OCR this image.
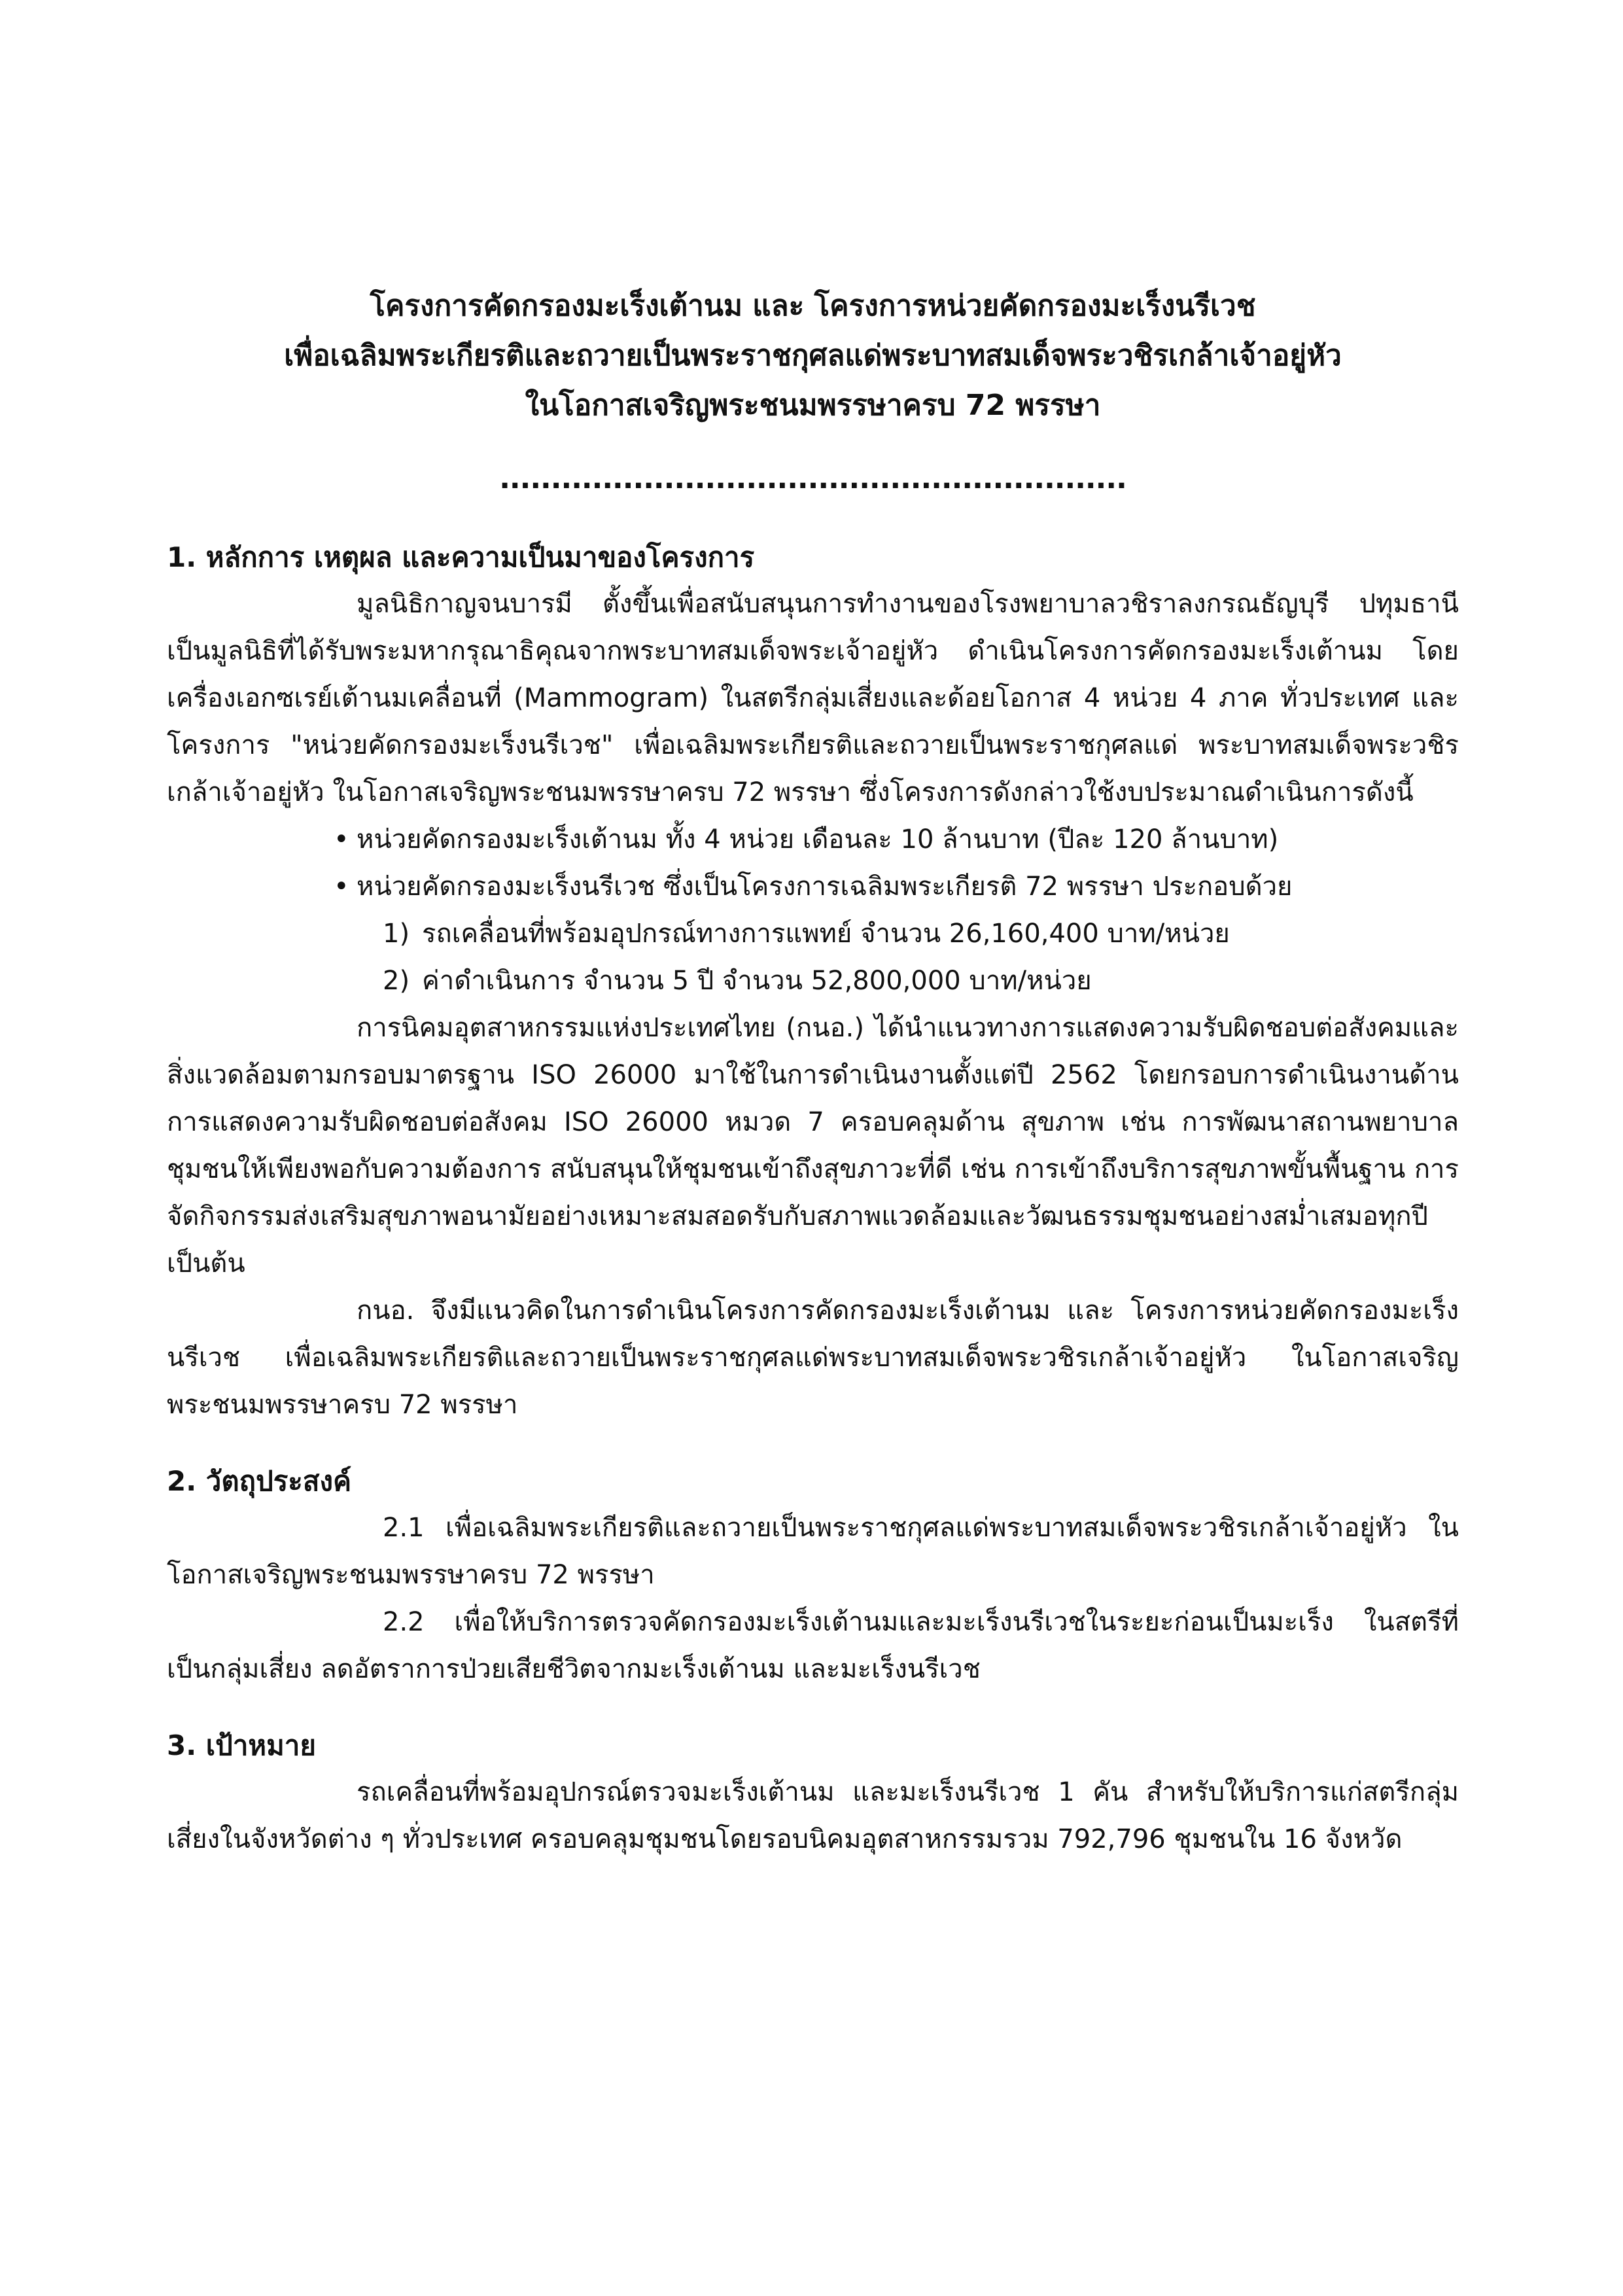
โครงการคัดกรองมะเร็งเต้านม และ โครงการหน่วยคัดกรองมะเร็งนรีเวช
เพื่อเฉลิมพระเกียรติและถวายเป็นพระราชกุศลแด่พระบาทสมเด็จพระวชิรเกล้าเจ้าอยู่หัว
ในโอกาสเจริญพระชนมพรรษาครบ 72 พรรษา
.............................................................
1. หลักการ เหตุผล และความเป็นมาของโครงการ

มูลนิธิกาญจนบารมี ตั้งขึ้นเพื่อสนับสนุนการทำงานของโรงพยาบาลวชิราลงกรณธัญบุรี ปทุมธานี เป็นมูลนิธิที่ได้รับพระมหากรุณาธิคุณจากพระบาทสมเด็จพระเจ้าอยู่หัว ดำเนินโครงการคัดกรองมะเร็งเต้านม โดยเครื่องเอกซเรย์เต้านมเคลื่อนที่ (Mammogram) ในสตรีกลุ่มเสี่ยงและด้อยโอกาส 4 หน่วย 4 ภาค ทั่วประเทศ และโครงการ "หน่วยคัดกรองมะเร็งนรีเวช" เพื่อเฉลิมพระเกียรติและถวายเป็นพระราชกุศลแด่ พระบาทสมเด็จพระวชิรเกล้าเจ้าอยู่หัว ในโอกาสเจริญพระชนมพรรษาครบ 72 พรรษา ซึ่งโครงการดังกล่าวใช้งบประมาณดำเนินการดังนี้

• หน่วยคัดกรองมะเร็งเต้านม ทั้ง 4 หน่วย เดือนละ 10 ล้านบาท (ปีละ 120 ล้านบาท)
• หน่วยคัดกรองมะเร็งนรีเวช ซึ่งเป็นโครงการเฉลิมพระเกียรติ 72 พรรษา ประกอบด้วย
1) รถเคลื่อนที่พร้อมอุปกรณ์ทางการแพทย์ จำนวน 26,160,400 บาท/หน่วย
2) ค่าดำเนินการ จำนวน 5 ปี จำนวน 52,800,000 บาท/หน่วย

การนิคมอุตสาหกรรมแห่งประเทศไทย (กนอ.) ได้นำแนวทางการแสดงความรับผิดชอบต่อสังคมและสิ่งแวดล้อมตามกรอบมาตรฐาน ISO 26000 มาใช้ในการดำเนินงานตั้งแต่ปี 2562 โดยกรอบการดำเนินงานด้านการแสดงความรับผิดชอบต่อสังคม ISO 26000 หมวด 7 ครอบคลุมด้าน สุขภาพ เช่น การพัฒนาสถานพยาบาลชุมชนให้เพียงพอกับความต้องการ สนับสนุนให้ชุมชนเข้าถึงสุขภาวะที่ดี เช่น การเข้าถึงบริการสุขภาพขั้นพื้นฐาน การจัดกิจกรรมส่งเสริมสุขภาพอนามัยอย่างเหมาะสมสอดรับกับสภาพแวดล้อมและวัฒนธรรมชุมชนอย่างสม่ำเสมอทุกปี เป็นต้น

กนอ. จึงมีแนวคิดในการดำเนินโครงการคัดกรองมะเร็งเต้านม และ โครงการหน่วยคัดกรองมะเร็งนรีเวช เพื่อเฉลิมพระเกียรติและถวายเป็นพระราชกุศลแด่พระบาทสมเด็จพระวชิรเกล้าเจ้าอยู่หัว ในโอกาสเจริญพระชนมพรรษาครบ 72 พรรษา

2. วัตถุประสงค์

2.1 เพื่อเฉลิมพระเกียรติและถวายเป็นพระราชกุศลแด่พระบาทสมเด็จพระวชิรเกล้าเจ้าอยู่หัว ในโอกาสเจริญพระชนมพรรษาครบ 72 พรรษา

2.2 เพื่อให้บริการตรวจคัดกรองมะเร็งเต้านมและมะเร็งนรีเวชในระยะก่อนเป็นมะเร็ง ในสตรีที่เป็นกลุ่มเสี่ยง ลดอัตราการป่วยเสียชีวิตจากมะเร็งเต้านม และมะเร็งนรีเวช

3. เป้าหมาย

รถเคลื่อนที่พร้อมอุปกรณ์ตรวจมะเร็งเต้านม และมะเร็งนรีเวช 1 คัน สำหรับให้บริการแก่สตรีกลุ่มเสี่ยงในจังหวัดต่าง ๆ ทั่วประเทศ ครอบคลุมชุมชนโดยรอบนิคมอุตสาหกรรมรวม 792,796 ชุมชนใน 16 จังหวัด
